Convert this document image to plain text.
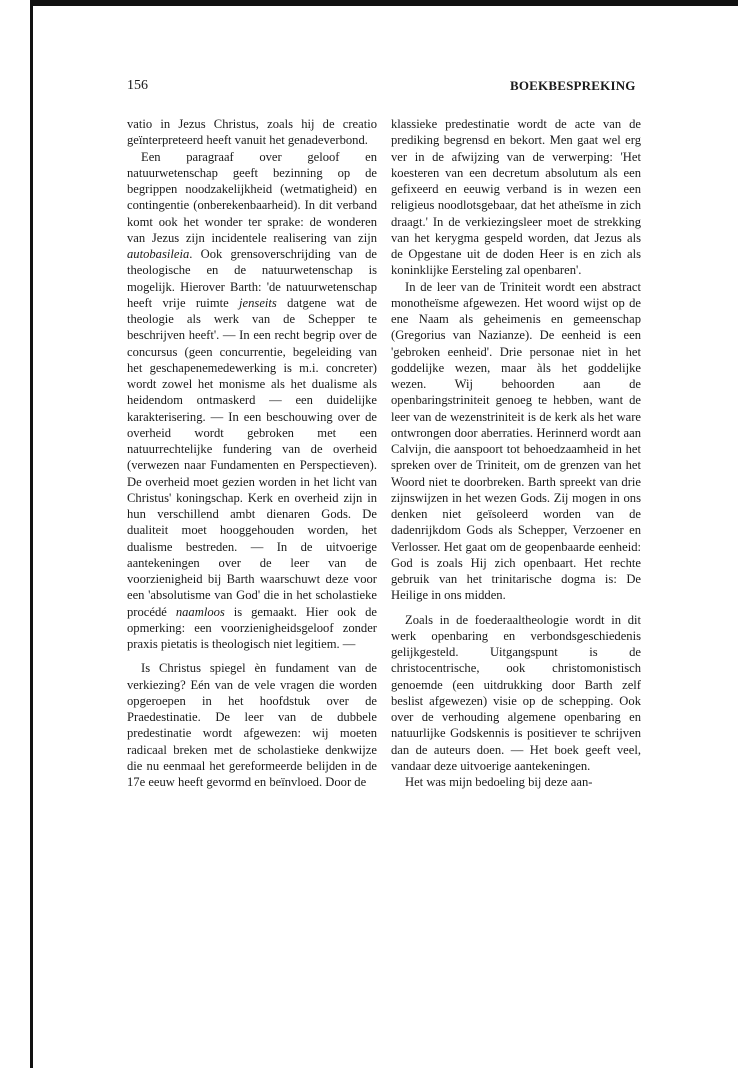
156	BOEKBESPREKING

vatio in Jezus Christus, zoals hij de creatio geïnterpreteerd heeft vanuit het genadeverbond.

Een paragraaf over geloof en natuurwetenschap geeft bezinning op de begrippen noodzakelijkheid (wetmatigheid) en contingentie (onberekenbaarheid). In dit verband komt ook het wonder ter sprake: de wonderen van Jezus zijn incidentele realisering van zijn autobasileia. Ook grensoverschrijding van de theologische en de natuurwetenschap is mogelijk. Hierover Barth: 'de natuurwetenschap heeft vrije ruimte jenseits datgene wat de theologie als werk van de Schepper te beschrijven heeft'. — In een recht begrip over de concursus (geen concurrentie, begeleiding van het geschapenemedewerking is m.i. concreter) wordt zowel het monisme als het dualisme als heidendom ontmaskerd — een duidelijke karakterisering. — In een beschouwing over de overheid wordt gebroken met een natuurrechtelijke fundering van de overheid (verwezen naar Fundamenten en Perspectieven). De overheid moet gezien worden in het licht van Christus' koningschap. Kerk en overheid zijn in hun verschillend ambt dienaren Gods. De dualiteit moet hooggehouden worden, het dualisme bestreden. — In de uitvoerige aantekeningen over de leer van de voorzienigheid bij Barth waarschuwt deze voor een 'absolutisme van God' die in het scholastieke procédé naamloos is gemaakt. Hier ook de opmerking: een voorzienigheidsgeloof zonder praxis pietatis is theologisch niet legitiem. —

Is Christus spiegel èn fundament van de verkiezing? Eén van de vele vragen die worden opgeroepen in het hoofdstuk over de Praedestinatie. De leer van de dubbele predestinatie wordt afgewezen: wij moeten radicaal breken met de scholastieke denkwijze die nu eenmaal het gereformeerde belijden in de 17e eeuw heeft gevormd en beïnvloed. Door de

klassieke predestinatie wordt de acte van de prediking begrensd en bekort. Men gaat wel erg ver in de afwijzing van de verwerping: 'Het koesteren van een decretum absolutum als een gefixeerd en eeuwig verband is in wezen een religieus noodlotsgebaar, dat het atheïsme in zich draagt.' In de verkiezingsleer moet de strekking van het kerygma gespeld worden, dat Jezus als de Opgestane uit de doden Heer is en zich als koninklijke Eersteling zal openbaren'.

In de leer van de Triniteit wordt een abstract monotheïsme afgewezen. Het woord wijst op de ene Naam als geheimenis en gemeenschap (Gregorius van Nazianze). De eenheid is een 'gebroken eenheid'. Drie personae niet ìn het goddelijke wezen, maar àls het goddelijke wezen. Wij behoorden aan de openbaringstriniteit genoeg te hebben, want de leer van de wezenstriniteit is de kerk als het ware ontwrongen door aberraties. Herinnerd wordt aan Calvijn, die aanspoort tot behoedzaamheid in het spreken over de Triniteit, om de grenzen van het Woord niet te doorbreken. Barth spreekt van drie zijnswijzen in het wezen Gods. Zij mogen in ons denken niet geïsoleerd worden van de dadenrijkdom Gods als Schepper, Verzoener en Verlosser. Het gaat om de geopenbaarde eenheid: God is zoals Hij zich openbaart. Het rechte gebruik van het trinitarische dogma is: De Heilige in ons midden.

Zoals in de foederaaltheologie wordt in dit werk openbaring en verbondsgeschiedenis gelijkgesteld. Uitgangspunt is de christocentrische, ook christomonistisch genoemde (een uitdrukking door Barth zelf beslist afgewezen) visie op de schepping. Ook over de verhouding algemene openbaring en natuurlijke Godskennis is positiever te schrijven dan de auteurs doen. — Het boek geeft veel, vandaar deze uitvoerige aantekeningen.

Het was mijn bedoeling bij deze aan-
